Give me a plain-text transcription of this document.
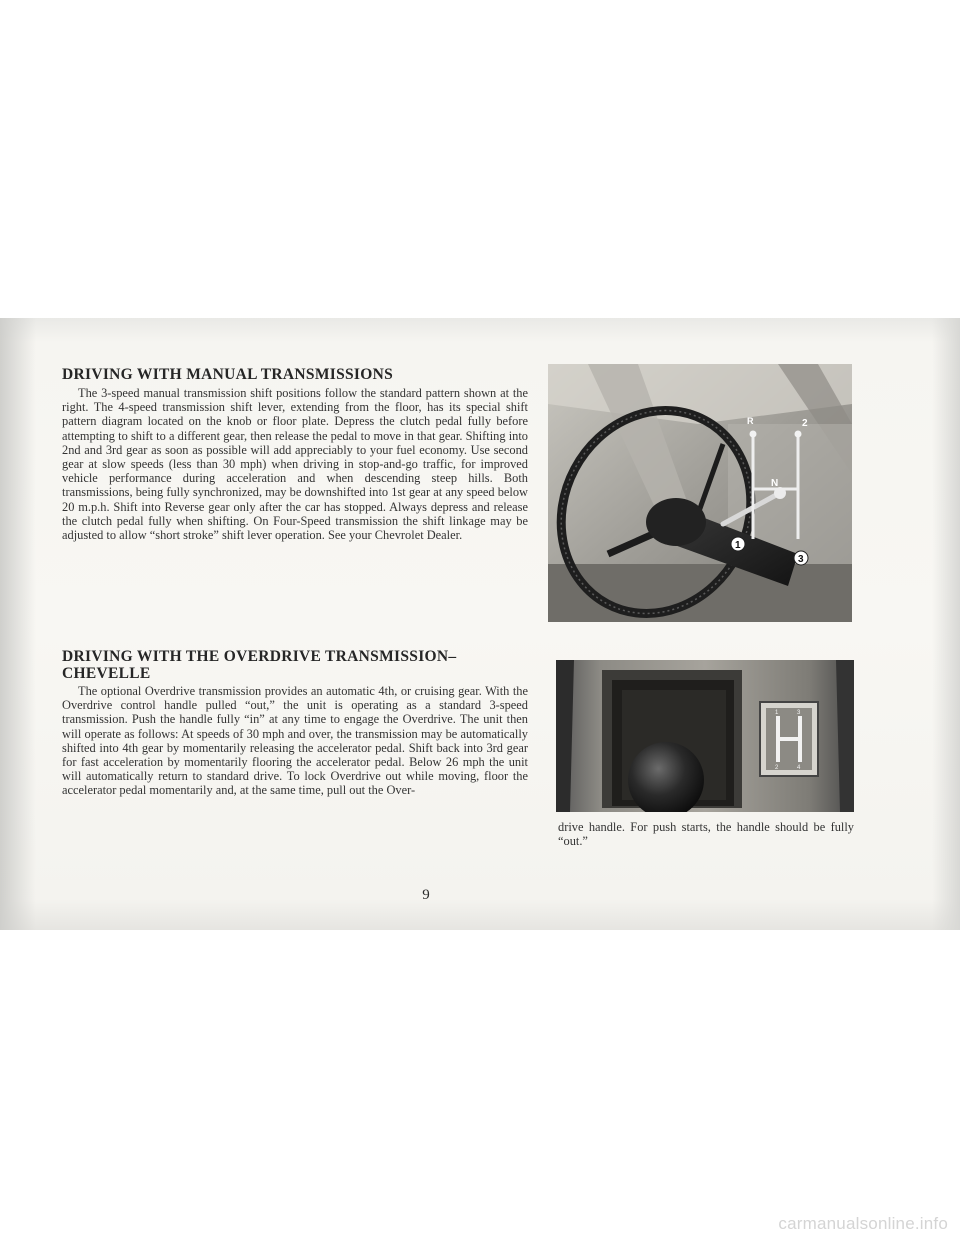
DRIVING WITH MANUAL TRANSMISSIONS

The 3-speed manual transmission shift positions follow the standard pattern shown at the right. The 4-speed transmission shift lever, extending from the floor, has its special shift pattern diagram located on the knob or floor plate. Depress the clutch pedal fully before attempting to shift to a different gear, then release the pedal to move in that gear. Shifting into 2nd and 3rd gear as soon as possible will add appreciably to your fuel economy. Use second gear at slow speeds (less than 30 mph) when driving in stop-and-go traffic, for improved vehicle performance during acceleration and when descending steep hills. Both transmissions, being fully synchronized, may be downshifted into 1st gear at any speed below 20 m.p.h. Shift into Reverse gear only after the car has stopped. Always depress and release the clutch pedal fully when shifting. On Four-Speed transmission the shift linkage may be adjusted to allow “short stroke” shift lever operation. See your Chevrolet Dealer.

R	2
N
1
3
DRIVING WITH THE OVERDRIVE TRANSMISSION–
CHEVELLE

The optional Overdrive transmission provides an automatic 4th, or cruising gear. With the Overdrive control handle pulled “out,” the unit is operating as a standard 3-speed transmission. Push the handle fully “in” at any time to engage the Overdrive. The unit then will operate as follows: At speeds of 30 mph and over, the transmission may be automatically shifted into 4th gear by momentarily releasing the accelerator pedal. Shift back into 3rd gear for fast acceleration by momentarily flooring the accelerator pedal. Below 26 mph the unit will automatically return to standard drive. To lock Overdrive out while moving, floor the accelerator pedal momentarily and, at the same time, pull out the Over-

1
2
3
4

drive handle. For push starts, the handle should be fully “out.”

9
carmanualsonline.info
